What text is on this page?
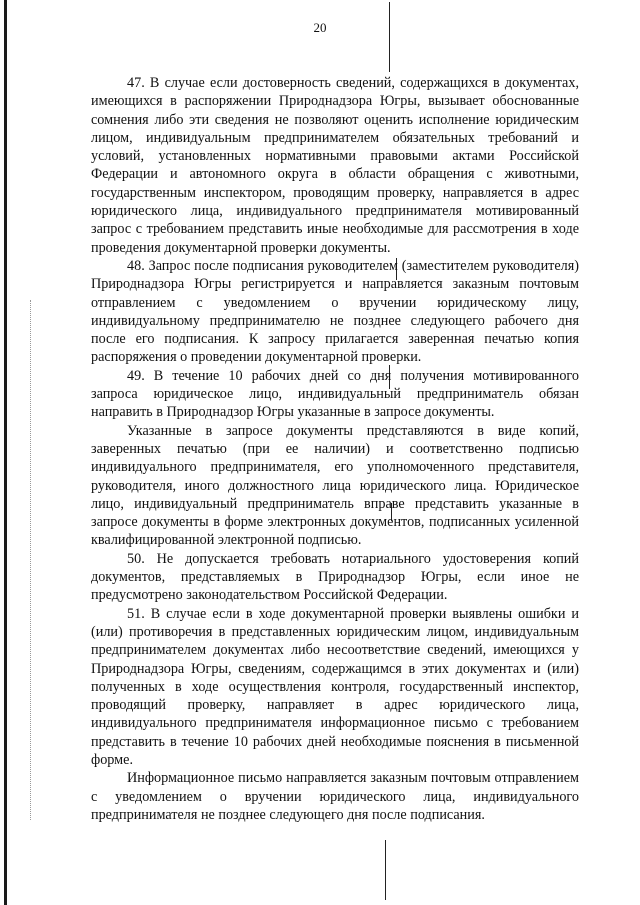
20

47. В случае если достоверность сведений, содержащихся в документах, имеющихся в распоряжении Природнадзора Югры, вызывает обоснованные сомнения либо эти сведения не позволяют оценить исполнение юридическим лицом, индивидуальным предпринимателем обязательных требований и условий, установленных нормативными правовыми актами Российской Федерации и автономного округа в области обращения с животными, государственным инспектором, проводящим проверку, направляется в адрес юридического лица, индивидуального предпринимателя мотивированный запрос с требованием представить иные необходимые для рассмотрения в ходе проведения документарной проверки документы.

48. Запрос после подписания руководителем (заместителем руководителя) Природнадзора Югры регистрируется и направляется заказным почтовым отправлением с уведомлением о вручении юридическому лицу, индивидуальному предпринимателю не позднее следующего рабочего дня после его подписания. К запросу прилагается заверенная печатью копия распоряжения о проведении документарной проверки.

49. В течение 10 рабочих дней со дня получения мотивированного запроса юридическое лицо, индивидуальный предприниматель обязан направить в Природнадзор Югры указанные в запросе документы.

Указанные в запросе документы представляются в виде копий, заверенных печатью (при ее наличии) и соответственно подписью индивидуального предпринимателя, его уполномоченного представителя, руководителя, иного должностного лица юридического лица. Юридическое лицо, индивидуальный предприниматель вправе представить указанные в запросе документы в форме электронных документов, подписанных усиленной квалифицированной электронной подписью.

50. Не допускается требовать нотариального удостоверения копий документов, представляемых в Природнадзор Югры, если иное не предусмотрено законодательством Российской Федерации.

51. В случае если в ходе документарной проверки выявлены ошибки и (или) противоречия в представленных юридическим лицом, индивидуальным предпринимателем документах либо несоответствие сведений, имеющихся у Природнадзора Югры, сведениям, содержащимся в этих документах и (или) полученных в ходе осуществления контроля, государственный инспектор, проводящий проверку, направляет в адрес юридического лица, индивидуального предпринимателя информационное письмо с требованием представить в течение 10 рабочих дней необходимые пояснения в письменной форме.

Информационное письмо направляется заказным почтовым отправлением с уведомлением о вручении юридического лица, индивидуального предпринимателя не позднее следующего дня после подписания.
